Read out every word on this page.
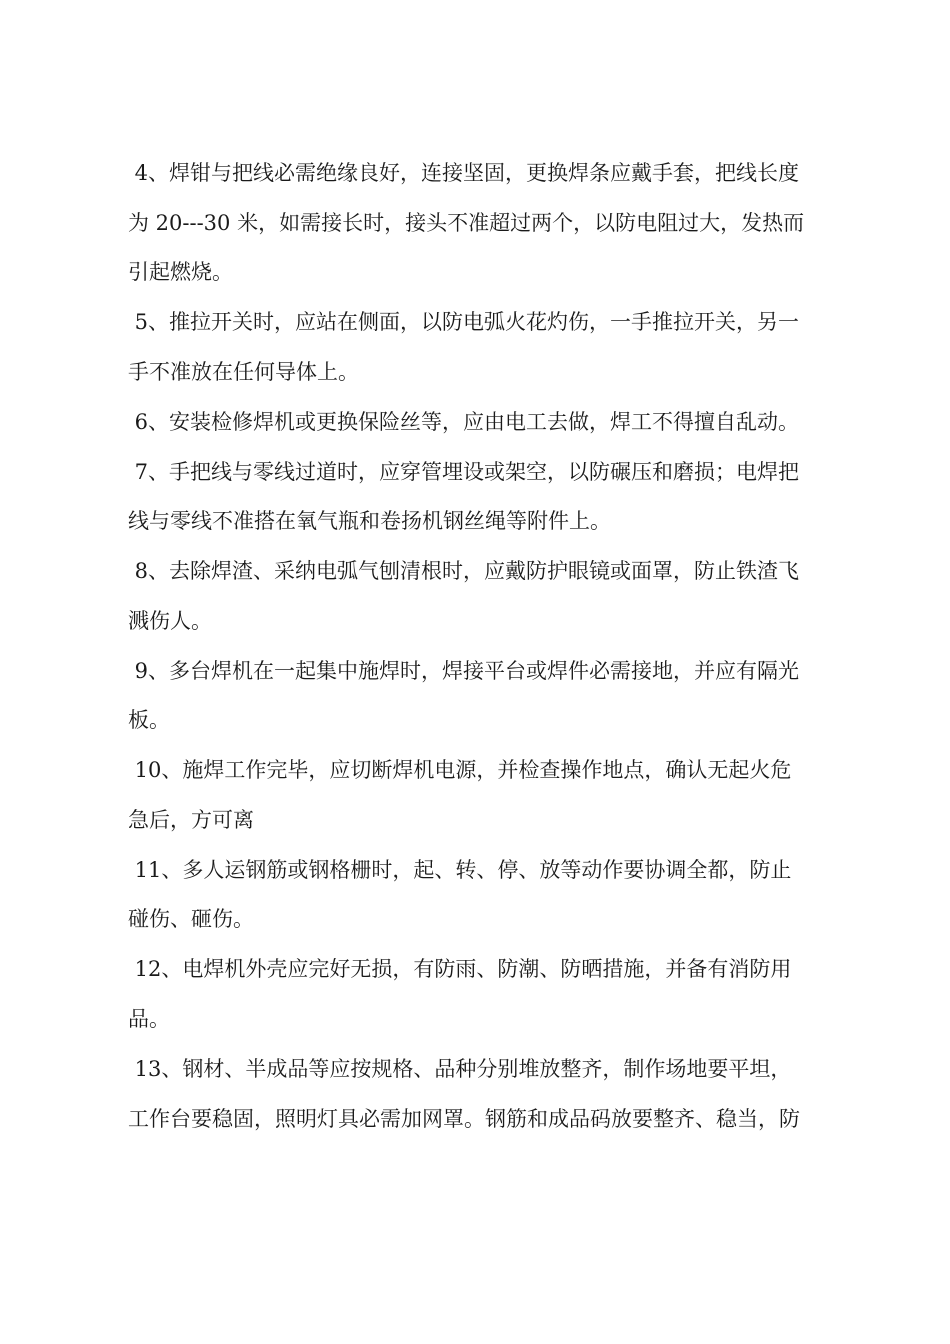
4、焊钳与把线必需绝缘良好，连接坚固，更换焊条应戴手套，把线长度

为 20---30 米，如需接长时，接头不准超过两个，以防电阻过大，发热而

引起燃烧。

5、推拉开关时，应站在侧面，以防电弧火花灼伤，一手推拉开关，另一

手不准放在任何导体上。

6、安装检修焊机或更换保险丝等，应由电工去做，焊工不得擅自乱动。

7、手把线与零线过道时，应穿管埋设或架空，以防碾压和磨损；电焊把

线与零线不准搭在氧气瓶和卷扬机钢丝绳等附件上。

8、去除焊渣、采纳电弧气刨清根时，应戴防护眼镜或面罩，防止铁渣飞

溅伤人。

9、多台焊机在一起集中施焊时，焊接平台或焊件必需接地，并应有隔光

板。

10、施焊工作完毕，应切断焊机电源，并检查操作地点，确认无起火危

急后，方可离

11、多人运钢筋或钢格栅时，起、转、停、放等动作要协调全都，防止

碰伤、砸伤。

12、电焊机外壳应完好无损，有防雨、防潮、防晒措施，并备有消防用

品。

13、钢材、半成品等应按规格、品种分别堆放整齐，制作场地要平坦，

工作台要稳固，照明灯具必需加网罩。钢筋和成品码放要整齐、稳当，防
